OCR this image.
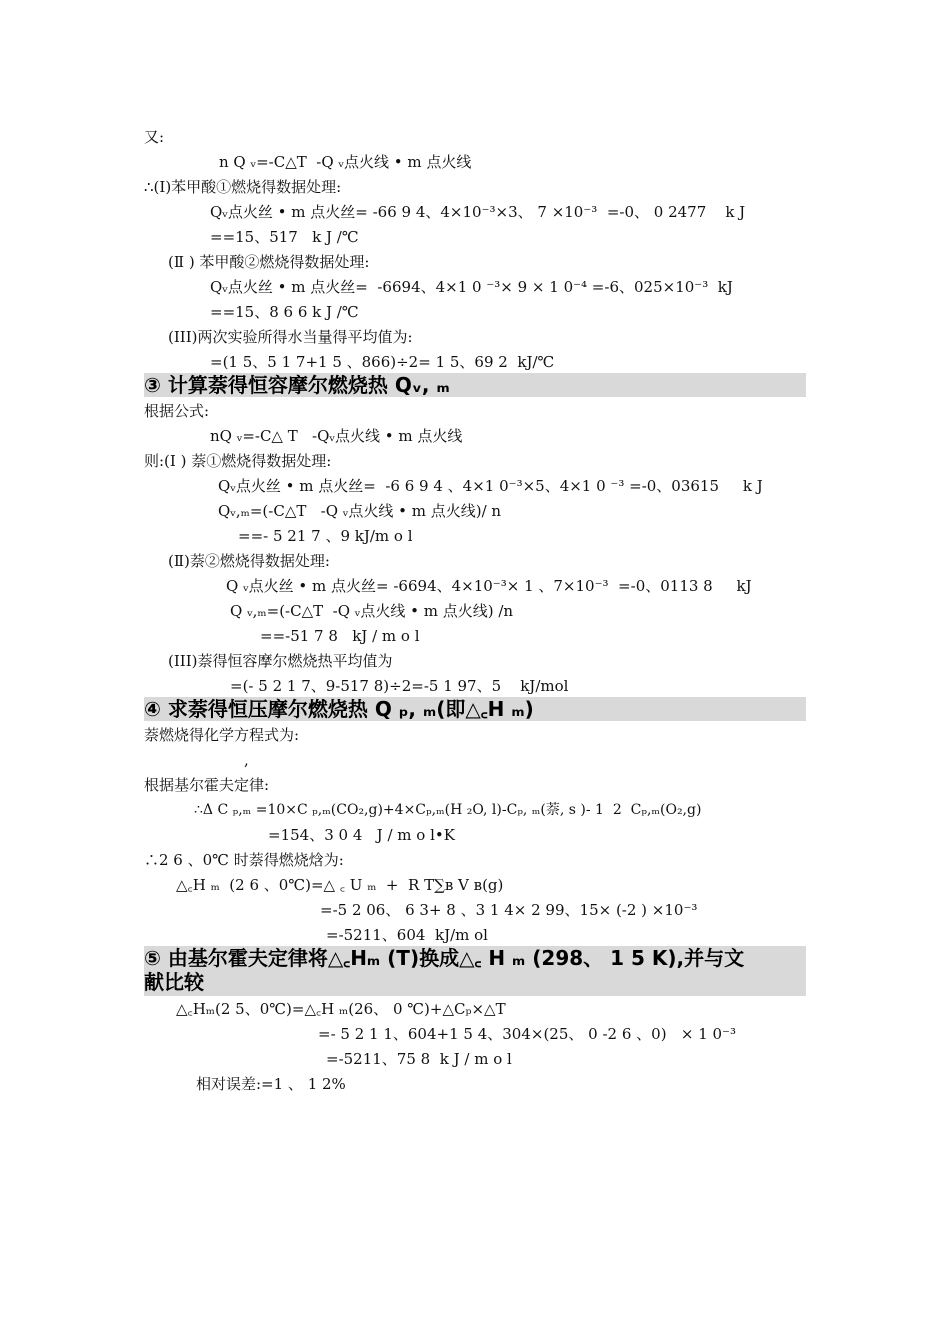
又:
n Q ᵥ=-C△T  -Q ᵥ点火线 • m 点火线
∴(Ⅰ)苯甲酸①燃烧得数据处理:
Qᵥ点火丝 • m 点火丝= -66 9 4、4×10⁻³×3、 7 ×10⁻³  =-0、 0 2477    k J
==15、517   k J /℃
(Ⅱ ) 苯甲酸②燃烧得数据处理:
Qᵥ点火丝 • m 点火丝=  -6694、4×1 0 ⁻³× 9 × 1 0⁻⁴ =-6、025×10⁻³  kJ
==15、8 6 6 k J /℃
(III)两次实验所得水当量得平均值为:
=(1 5、5 1 7+1 5 、866)÷2= 1 5、69 2  kJ/℃
③ 计算萘得恒容摩尔燃烧热 Qᵥ, ₘ
根据公式:
nQ ᵥ=-C△ T   -Qᵥ点火线 • m 点火线
则:(Ⅰ ) 萘①燃烧得数据处理:
Qᵥ点火丝 • m 点火丝=  -6 6 9 4 、4×1 0⁻³×5、4×1 0 ⁻³ =-0、03615     k J
Qᵥ,ₘ=(-C△T   -Q ᵥ点火线 • m 点火线)/ n
==- 5 21 7 、9 kJ/m o l
(Ⅱ)萘②燃烧得数据处理:
Q ᵥ点火丝 • m 点火丝= -6694、4×10⁻³× 1 、7×10⁻³  =-0、0113 8     kJ
Q ᵥ,ₘ=(-C△T  -Q ᵥ点火线 • m 点火线) /n
==-51 7 8   kJ / m o l
(III)萘得恒容摩尔燃烧热平均值为
=(- 5 2 1 7、9-517 8)÷2=-5 1 97、5    kJ/mol
④ 求萘得恒压摩尔燃烧热 Q ₚ, ₘ(即△꜀H ₘ)
萘燃烧得化学方程式为:
,
根据基尔霍夫定律:
∴Δ C ₚ,ₘ =10×C ₚ,ₘ(CO₂,g)+4×Cₚ,ₘ(H ₂O, l)-Cₚ, ₘ(萘, s )- 1  2  Cₚ,ₘ(O₂,g)
=154、3 0 4   J / m o l•K
∴2 6 、0℃ 时萘得燃烧焓为:
△꜀H ₘ  (2 6 、0℃)=△ ꜀ U ₘ  +  R T∑ʙ V ʙ(g)
=-5 2 06、 6 3+ 8 、3 1 4× 2 99、15× (-2 ) ×10⁻³
=-5211、604  kJ/m ol
⑤ 由基尔霍夫定律将△꜀Hₘ (T)换成△꜀ H ₘ (298、 1 5 K),并与文
献比较
△꜀Hₘ(2 5、0℃)=△꜀H ₘ(26、 0 ℃)+△Cₚ×△T
=- 5 2 1 1、604+1 5 4、304×(25、 0 -2 6 、0)   × 1 0⁻³
=-5211、75 8  k J / m o l
相对误差:=1 、 1 2%
